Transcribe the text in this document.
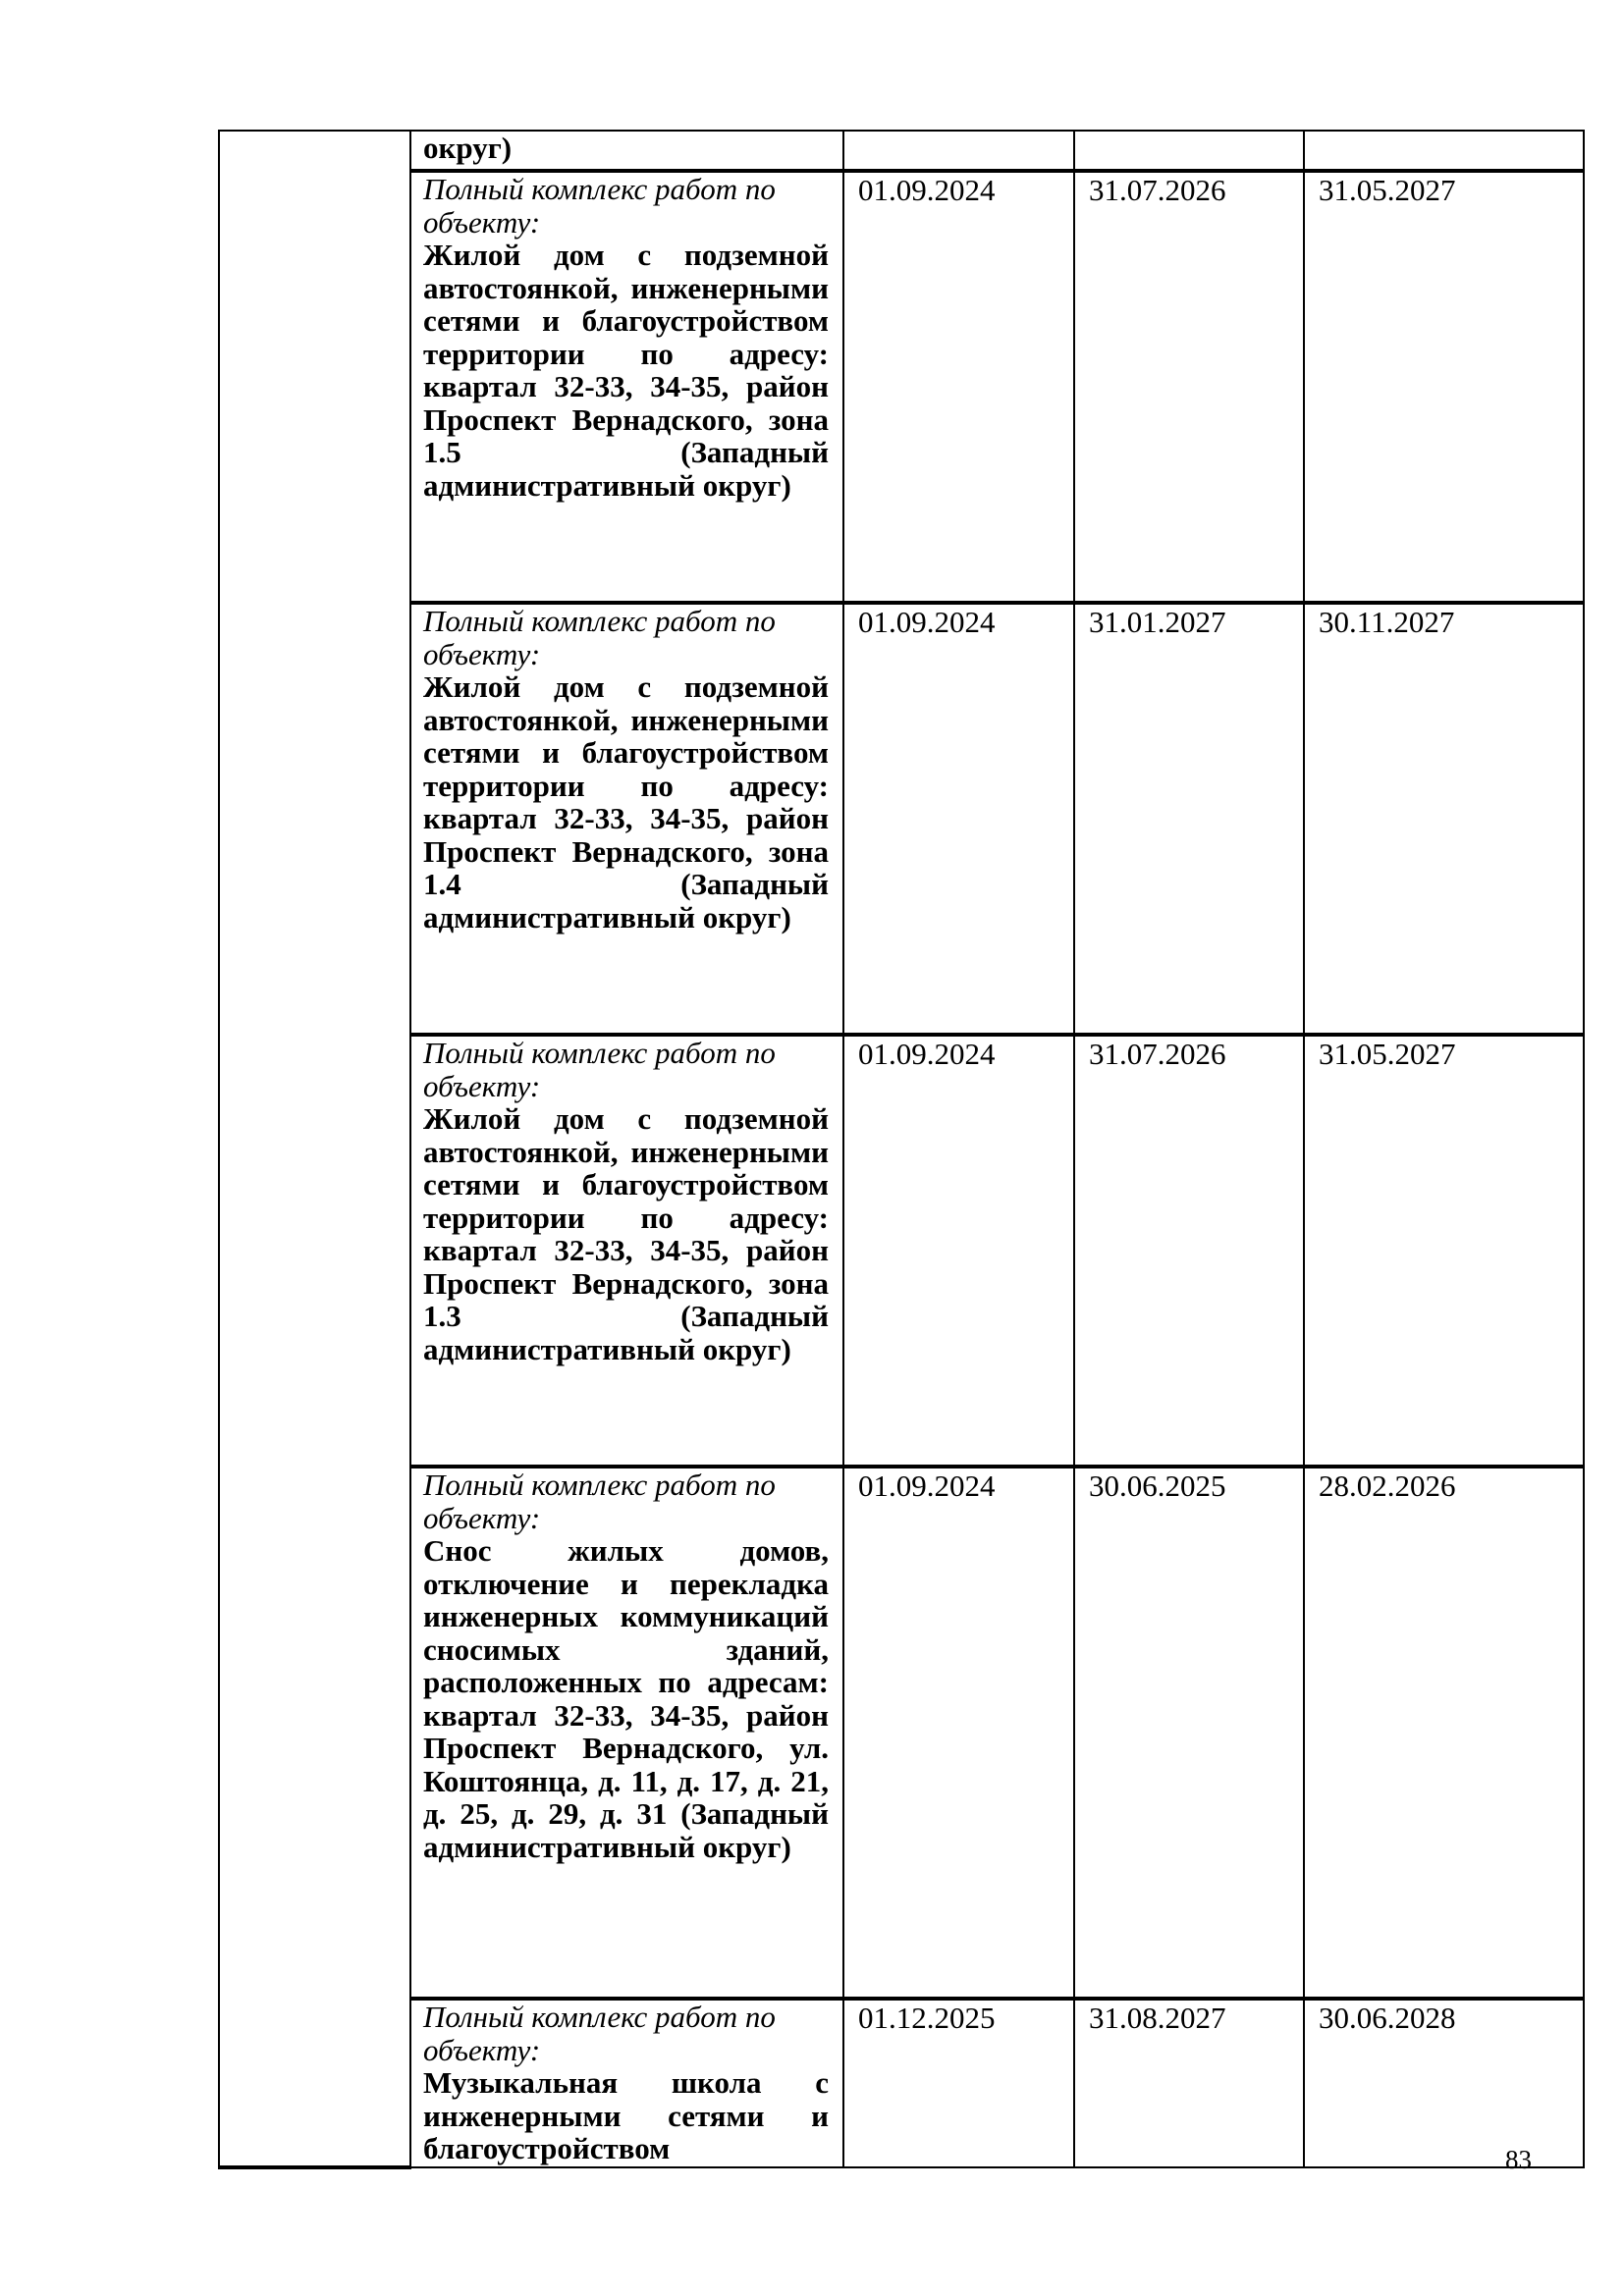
	округ)			

	Полный комплекс работ по объекту:
Жилой дом с подземной автостоянкой, инженерными сетями и благоустройством территории по адресу: квартал 32-33, 34-35, район Проспект Вернадского, зона 1.5 (Западный административный округ)	01.09.2024	31.07.2026	31.05.2027

	Полный комплекс работ по объекту:
Жилой дом с подземной автостоянкой, инженерными сетями и благоустройством территории по адресу: квартал 32-33, 34-35, район Проспект Вернадского, зона 1.4 (Западный административный округ)	01.09.2024	31.01.2027	30.11.2027

	Полный комплекс работ по объекту:
Жилой дом с подземной автостоянкой, инженерными сетями и благоустройством территории по адресу: квартал 32-33, 34-35, район Проспект Вернадского, зона 1.3 (Западный административный округ)	01.09.2024	31.07.2026	31.05.2027

	Полный комплекс работ по объекту:
Снос жилых домов, отключение и перекладка инженерных коммуникаций сносимых зданий, расположенных по адресам: квартал 32-33, 34-35, район Проспект Вернадского, ул. Коштоянца, д. 11, д. 17, д. 21, д. 25, д. 29, д. 31 (Западный административный округ)	01.09.2024	30.06.2025	28.02.2026

	Полный комплекс работ по объекту:
Музыкальная школа с инженерными сетями и благоустройством	01.12.2025	31.08.2027	30.06.2028
83
